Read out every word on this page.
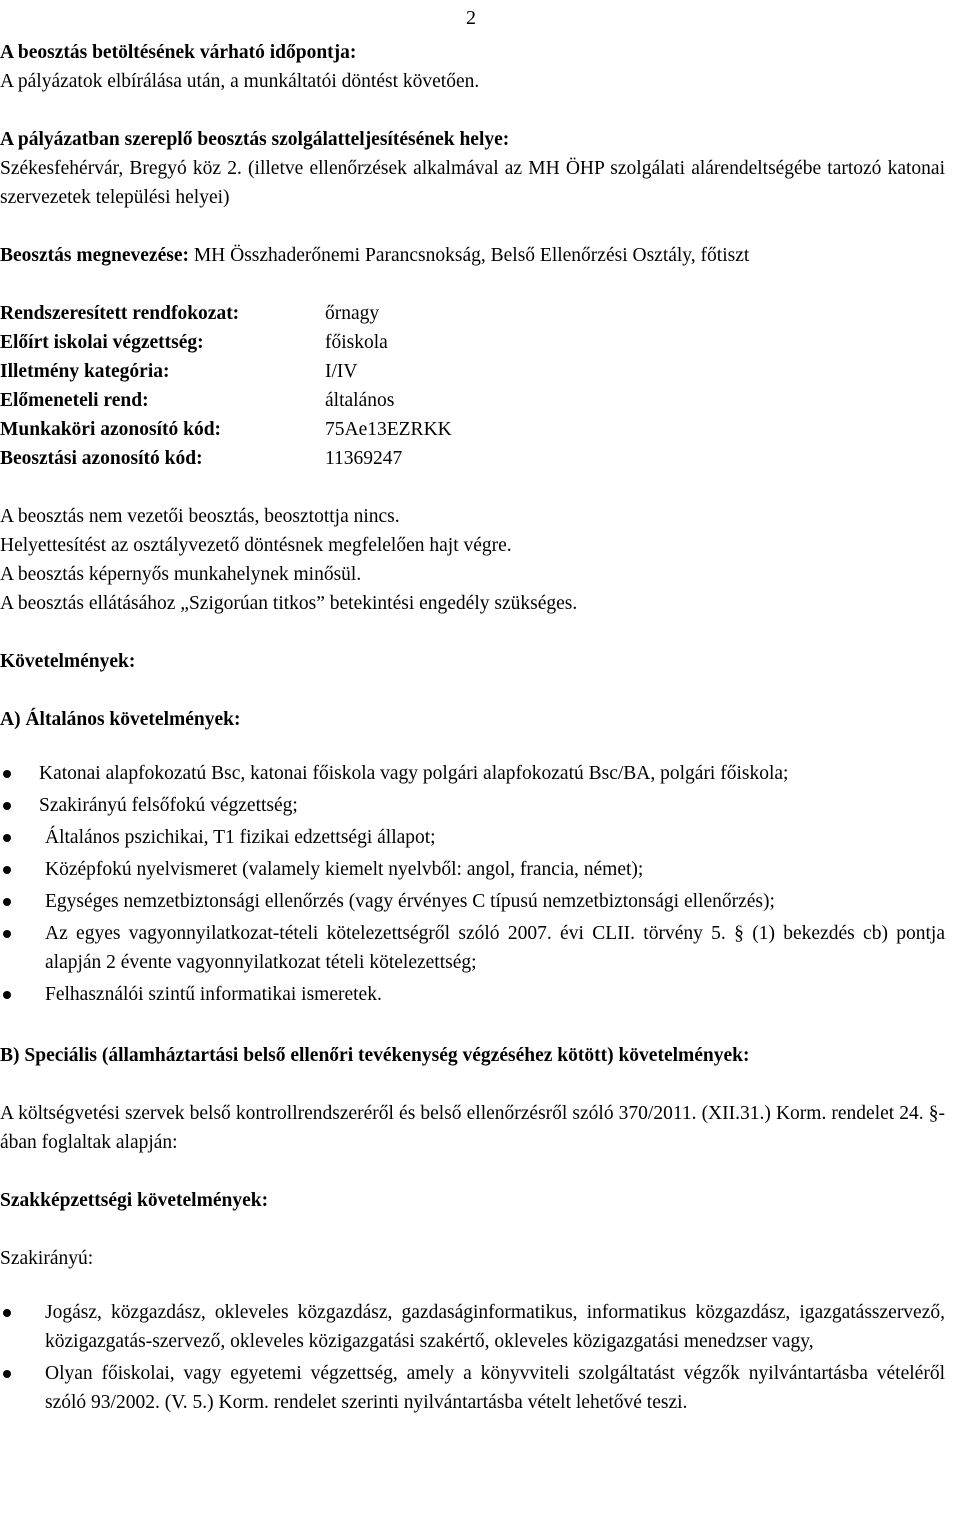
2

A beosztás betöltésének várható időpontja:

A pályázatok elbírálása után, a munkáltatói döntést követően.

A pályázatban szereplő beosztás szolgálatteljesítésének helye:

Székesfehérvár, Bregyó köz 2. (illetve ellenőrzések alkalmával az MH ÖHP szolgálati alárendeltségébe tartozó katonai szervezetek települési helyei)

Beosztás megnevezése: MH Összhaderőnemi Parancsnokság, Belső Ellenőrzési Osztály, főtiszt

Rendszeresített rendfokozat:	őrnagy
Előírt iskolai végzettség:	főiskola
Illetmény kategória:	I/IV
Előmeneteli rend:	általános
Munkaköri azonosító kód:	75Ae13EZRKK
Beosztási azonosító kód:	11369247

A beosztás nem vezetői beosztás, beosztottja nincs.

Helyettesítést az osztályvezető döntésnek megfelelően hajt végre.

A beosztás képernyős munkahelynek minősül.

A beosztás ellátásához „Szigorúan titkos” betekintési engedély szükséges.

Követelmények:

A) Általános követelmények:

Katonai alapfokozatú Bsc, katonai főiskola vagy polgári alapfokozatú Bsc/BA, polgári főiskola;
Szakirányú felsőfokú végzettség;
Általános pszichikai, T1 fizikai edzettségi állapot;
Középfokú nyelvismeret (valamely kiemelt nyelvből: angol, francia, német);
Egységes nemzetbiztonsági ellenőrzés (vagy érvényes C típusú nemzetbiztonsági ellenőrzés);
Az egyes vagyonnyilatkozat-tételi kötelezettségről szóló 2007. évi CLII. törvény 5. § (1) bekezdés cb) pontja alapján 2 évente vagyonnyilatkozat tételi kötelezettség;
Felhasználói szintű informatikai ismeretek.

B) Speciális (államháztartási belső ellenőri tevékenység végzéséhez kötött) követelmények:

A költségvetési szervek belső kontrollrendszeréről és belső ellenőrzésről szóló 370/2011. (XII.31.) Korm. rendelet 24. §-ában foglaltak alapján:

Szakképzettségi követelmények:

Szakirányú:

Jogász, közgazdász, okleveles közgazdász, gazdaságinformatikus, informatikus közgazdász, igazgatásszervező, közigazgatás-szervező, okleveles közigazgatási szakértő, okleveles közigazgatási menedzser vagy,
Olyan főiskolai, vagy egyetemi végzettség, amely a könyvviteli szolgáltatást végzők nyilvántartásba vételéről szóló 93/2002. (V. 5.) Korm. rendelet szerinti nyilvántartásba vételt lehetővé teszi.
